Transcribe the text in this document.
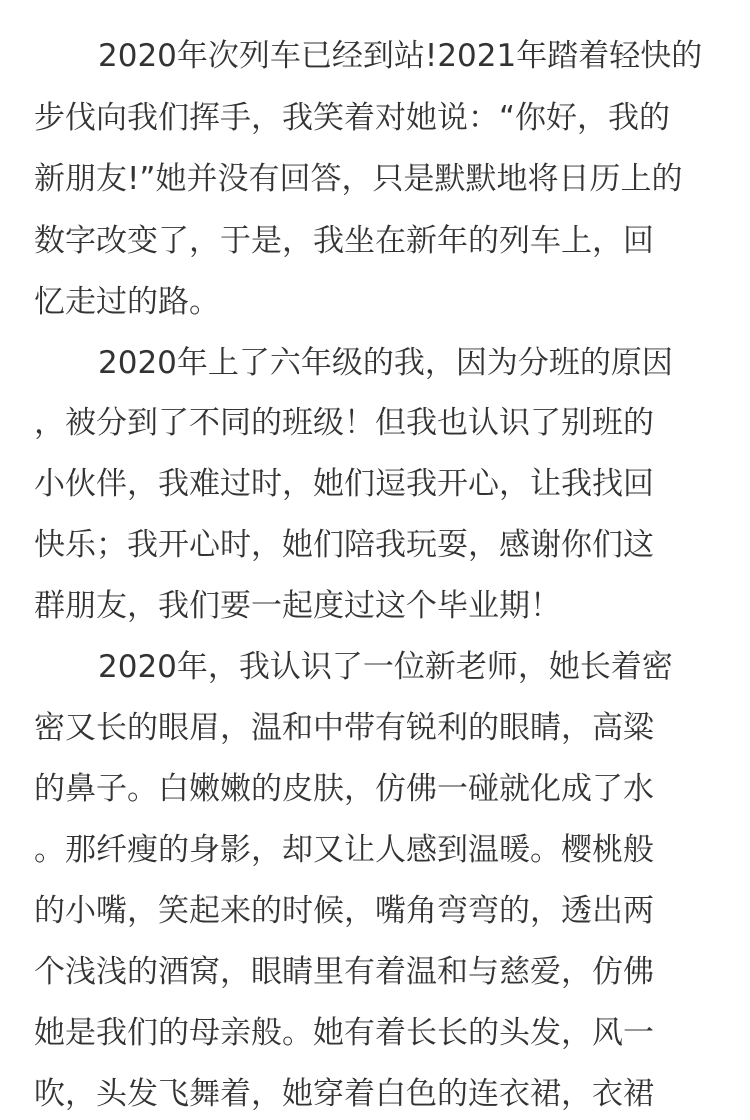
2020年次列车已经到站!2021年踏着轻快的
步伐向我们挥手，我笑着对她说：“你好，我的
新朋友!”她并没有回答，只是默默地将日历上的
数字改变了，于是，我坐在新年的列车上，回
忆走过的路。
2020年上了六年级的我，因为分班的原因
，被分到了不同的班级！但我也认识了别班的
小伙伴，我难过时，她们逗我开心，让我找回
快乐；我开心时，她们陪我玩耍，感谢你们这
群朋友，我们要一起度过这个毕业期！
2020年，我认识了一位新老师，她长着密
密又长的眼眉，温和中带有锐利的眼睛，高粱
的鼻子。白嫩嫩的皮肤，仿佛一碰就化成了水
。那纤瘦的身影，却又让人感到温暖。樱桃般
的小嘴，笑起来的时候，嘴角弯弯的，透出两
个浅浅的酒窝，眼睛里有着温和与慈爱，仿佛
她是我们的母亲般。她有着长长的头发，风一
吹，头发飞舞着，她穿着白色的连衣裙，衣裙
